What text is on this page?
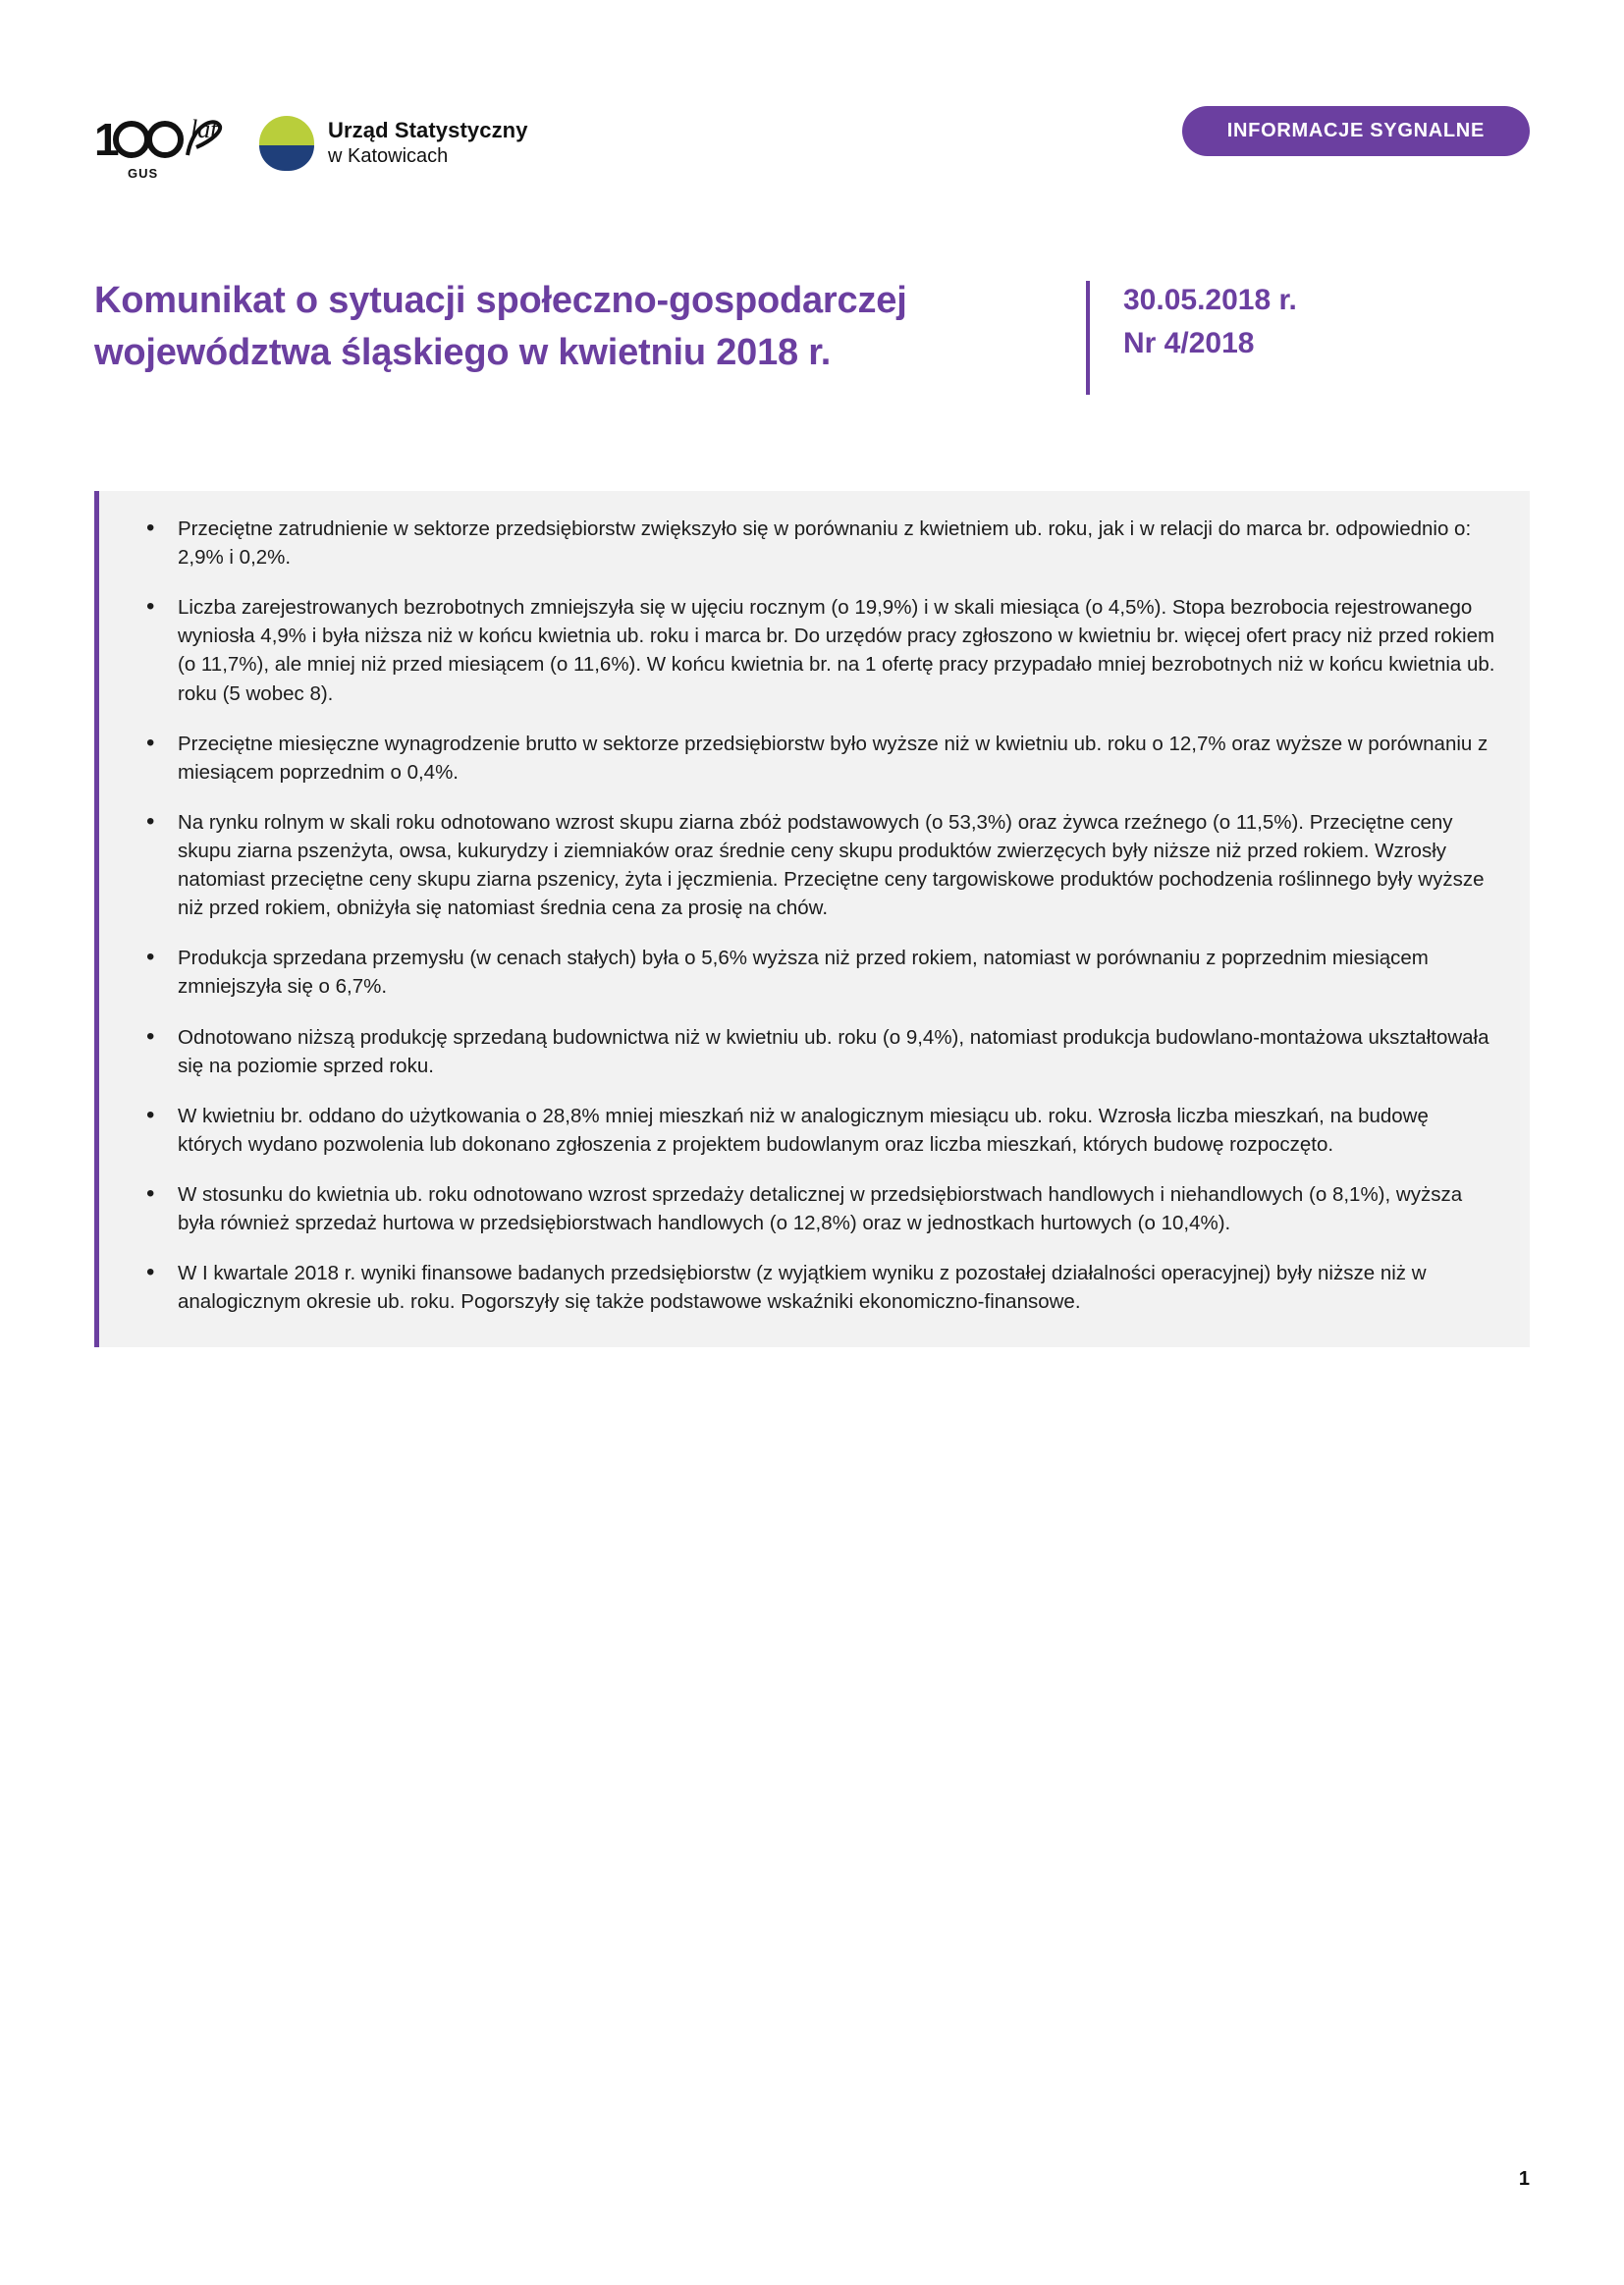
1	lat
GUS
Urząd Statystyczny
w Katowicach
INFORMACJE SYGNALNE
Komunikat o sytuacji społeczno-gospodarczej województwa śląskiego w kwietniu 2018 r.
30.05.2018 r.
Nr 4/2018
• Przeciętne zatrudnienie w sektorze przedsiębiorstw zwiększyło się w porównaniu z kwietniem ub. roku, jak i w relacji do marca br. odpowiednio o: 2,9% i 0,2%.
• Liczba zarejestrowanych bezrobotnych zmniejszyła się w ujęciu rocznym (o 19,9%) i w skali miesiąca (o 4,5%). Stopa bezrobocia rejestrowanego wyniosła 4,9% i była niższa niż w końcu kwietnia ub. roku i marca br. Do urzędów pracy zgłoszono w kwietniu br. więcej ofert pracy niż przed rokiem (o 11,7%), ale mniej niż przed miesiącem (o 11,6%). W końcu kwietnia br. na 1 ofertę pracy przypadało mniej bezrobotnych niż w końcu kwietnia ub. roku (5 wobec 8).
• Przeciętne miesięczne wynagrodzenie brutto w sektorze przedsiębiorstw było wyższe niż w kwietniu ub. roku o 12,7% oraz wyższe w porównaniu z miesiącem poprzednim o 0,4%.
• Na rynku rolnym w skali roku odnotowano wzrost skupu ziarna zbóż podstawowych (o 53,3%) oraz żywca rzeźnego (o 11,5%). Przeciętne ceny skupu ziarna pszenżyta, owsa, kukurydzy i ziemniaków oraz średnie ceny skupu produktów zwierzęcych były niższe niż przed rokiem. Wzrosły natomiast przeciętne ceny skupu ziarna pszenicy, żyta i jęczmienia. Przeciętne ceny targowiskowe produktów pochodzenia roślinnego były wyższe niż przed rokiem, obniżyła się natomiast średnia cena za prosię na chów.
• Produkcja sprzedana przemysłu (w cenach stałych) była o 5,6% wyższa niż przed rokiem, natomiast w porównaniu z poprzednim miesiącem zmniejszyła się o 6,7%.
• Odnotowano niższą produkcję sprzedaną budownictwa niż w kwietniu ub. roku (o 9,4%), natomiast produkcja budowlano-montażowa ukształtowała się na poziomie sprzed roku.
• W kwietniu br. oddano do użytkowania o 28,8% mniej mieszkań niż w analogicznym miesiącu ub. roku. Wzrosła liczba mieszkań, na budowę których wydano pozwolenia lub dokonano zgłoszenia z projektem budowlanym oraz liczba mieszkań, których budowę rozpoczęto.
• W stosunku do kwietnia ub. roku odnotowano wzrost sprzedaży detalicznej w przedsiębiorstwach handlowych i niehandlowych (o 8,1%), wyższa była również sprzedaż hurtowa w przedsiębiorstwach handlowych (o 12,8%) oraz w jednostkach hurtowych (o 10,4%).
• W I kwartale 2018 r. wyniki finansowe badanych przedsiębiorstw (z wyjątkiem wyniku z pozostałej działalności operacyjnej) były niższe niż w analogicznym okresie ub. roku. Pogorszyły się także podstawowe wskaźniki ekonomiczno-finansowe.
1
